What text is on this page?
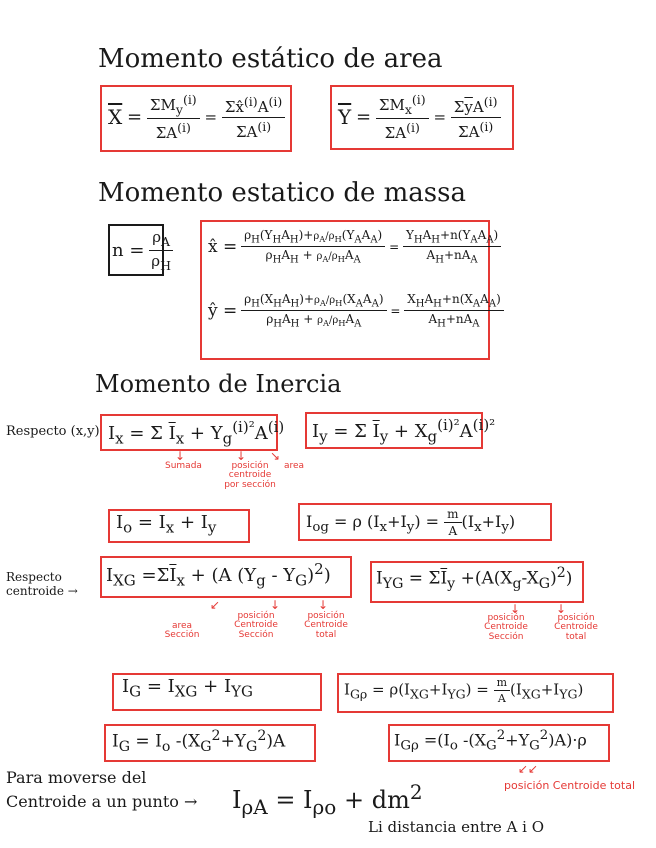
Momento estático de area
Momento estatico de massa
Momento de Inercia
$\overline{X} = \frac{\Sigma M_y^{(i)}}{\Sigma A^{(i)}} = \frac{\Sigma x̂^{(i)}A^{(i)}}{\Sigma A^{(i)}}$	$\overline{Y} = \frac{\Sigma M_x^{(i)}}{\Sigma A^{(i)}} = \frac{\Sigma\overline{y}A^{(i)}}{\Sigma A^{(i)}}$
$n = \frac{\rho_A}{\rho_H}$ x̂ = $\frac{\rho_H(Y_HA_H)+\rho_A/\rho_H(Y_AA_A)}{\rho_HA_H + \rho_A/\rho_HA_A} = \frac{Y_HA_H+n(Y_AA_A)}{A_H+nA_A}$
ŷ = $\frac{\rho_H(X_HA_H)+\rho_A/\rho_H(X_AA_A)}{\rho_HA_H + \rho_A/\rho_HA_A} = \frac{X_HA_H+n(X_AA_A)}{A_H+nA_A}$
Respecto (x,y) $I_x = \Sigma$ $\overline{I}_x + Y_g^{(i)^2}A^{(i)}$ $I_y = \Sigma$ $\overline{I}_y + X_g^{(i)^2}A^{(i)^2}$
↓	↓ ↘
Sumada	posición centroide por sección
area
$I_o = I_x + I_y$	$I_{og} = \rho$ $(I_x+I_y) = \frac{m}{A} (I_x+I_y)$
Respecto centroide →
$I_{XG} =\Sigma\overline{I}_x + (A$ $(Y_g - Y_G)^2$)	$I_{YG} = \Sigma\overline{I}_y +(A(X_g-X_G)^2)$
↙	↓	↓
area Sección
posición Centroide Sección
posición Centroide total
↓	↓
posición Centroide Sección
posición Centroide total
$I_G = I_{XG} + I_{YG}$	$I_{G\rho} = \rho(I_{XG}+I_{YG}) = \frac{m}{A} (I_{XG}+I_{YG})$
$I_G = I_o$ $-(X_G^2+Y_G^2)A$	$I_{G\rho} =(I_o$ $-(X_G^2+Y_G^2)A)\cdot\rho$
↙↙
posición Centroide total
Para moverse del
Centroide a un punto → $I_{\rho A} = I_{\rho o} + dm^2$
Li distancia entre A i O
